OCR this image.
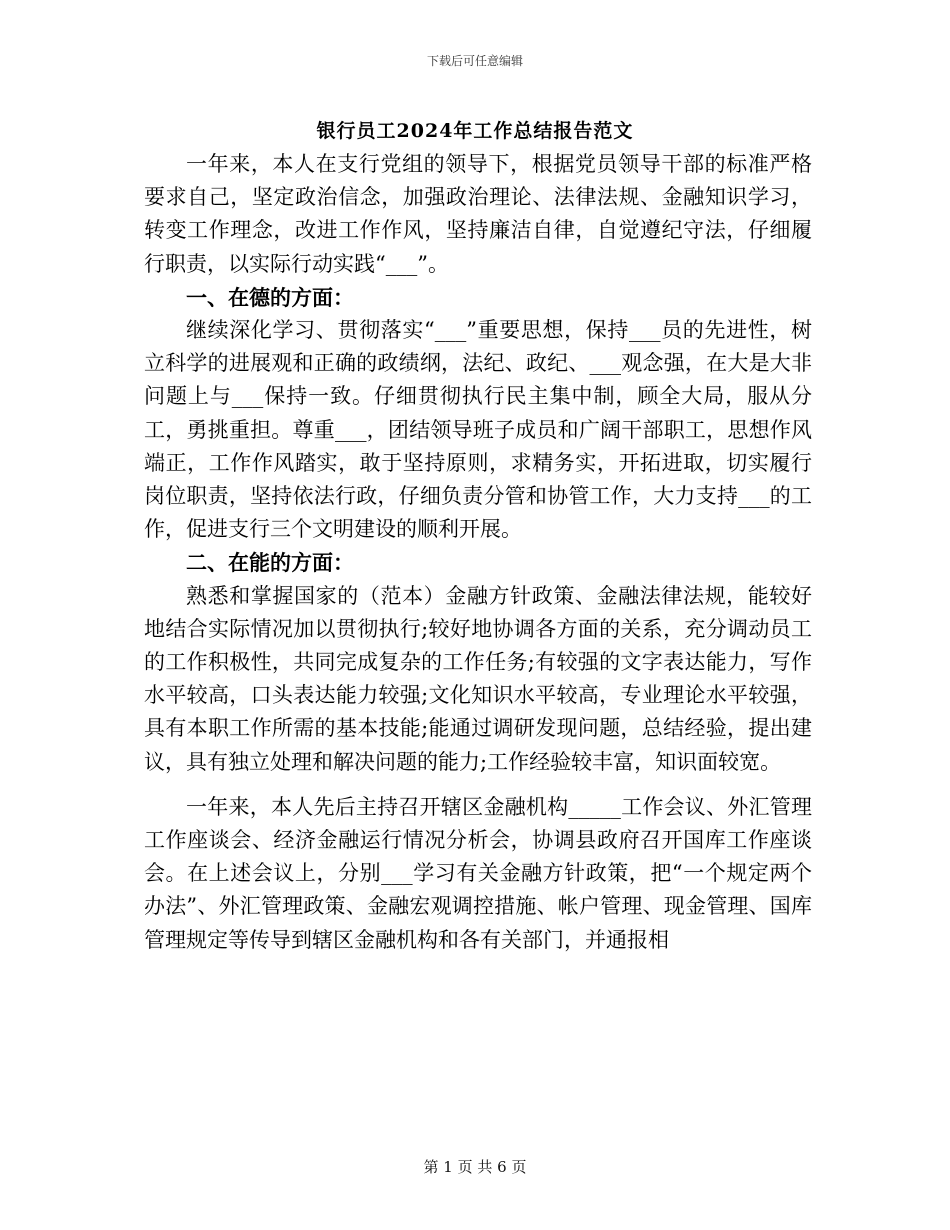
下载后可任意编辑
银行员工2024年工作总结报告范文

一年来，本人在支行党组的领导下，根据党员领导干部的标准严格要求自己，坚定政治信念，加强政治理论、法律法规、金融知识学习，转变工作理念，改进工作作风，坚持廉洁自律，自觉遵纪守法，仔细履行职责，以实际行动实践“___”。

一、在德的方面：

继续深化学习、贯彻落实“___”重要思想，保持___员的先进性，树立科学的进展观和正确的政绩纲，法纪、政纪、___观念强，在大是大非问题上与___保持一致。仔细贯彻执行民主集中制，顾全大局，服从分工，勇挑重担。尊重___，团结领导班子成员和广阔干部职工，思想作风端正，工作作风踏实，敢于坚持原则，求精务实，开拓进取，切实履行岗位职责，坚持依法行政，仔细负责分管和协管工作，大力支持___的工作，促进支行三个文明建设的顺利开展。

二、在能的方面：

熟悉和掌握国家的（范本）金融方针政策、金融法律法规，能较好地结合实际情况加以贯彻执行;较好地协调各方面的关系，充分调动员工的工作积极性，共同完成复杂的工作任务;有较强的文字表达能力，写作水平较高，口头表达能力较强;文化知识水平较高，专业理论水平较强，具有本职工作所需的基本技能;能通过调研发现问题，总结经验，提出建议，具有独立处理和解决问题的能力;工作经验较丰富，知识面较宽。

一年来，本人先后主持召开辖区金融机构_____工作会议、外汇管理工作座谈会、经济金融运行情况分析会，协调县政府召开国库工作座谈会。在上述会议上，分别___学习有关金融方针政策，把“一个规定两个办法”、外汇管理政策、金融宏观调控措施、帐户管理、现金管理、国库管理规定等传导到辖区金融机构和各有关部门，并通报相

第 1 页 共 6 页
